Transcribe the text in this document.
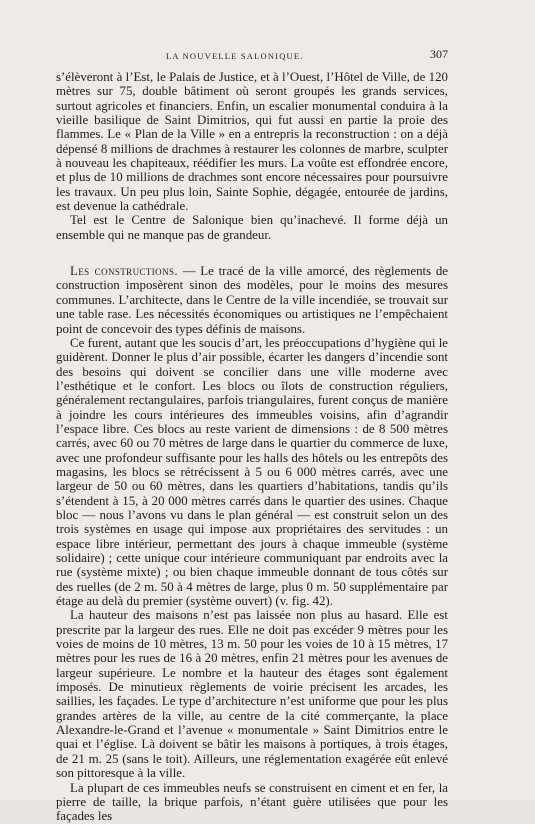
LA NOUVELLE SALONIQUE.	307

s’élèveront à l’Est, le Palais de Justice, et à l’Ouest, l’Hôtel de Ville, de 120 mètres sur 75, double bâtiment où seront groupés les grands services, surtout agricoles et financiers. Enfin, un escalier monumental conduira à la vieille basilique de Saint Dimitrios, qui fut aussi en partie la proie des flammes. Le « Plan de la Ville » en a entrepris la reconstruction : on a déjà dépensé 8 millions de drachmes à restaurer les colonnes de marbre, sculpter à nouveau les chapiteaux, réédifier les murs. La voûte est effondrée encore, et plus de 10 millions de drachmes sont encore nécessaires pour poursuivre les travaux. Un peu plus loin, Sainte Sophie, dégagée, entourée de jardins, est devenue la cathédrale.

Tel est le Centre de Salonique bien qu’inachevé. Il forme déjà un ensemble qui ne manque pas de grandeur.

Les constructions. — Le tracé de la ville amorcé, des règlements de construction imposèrent sinon des modèles, pour le moins des mesures communes. L’architecte, dans le Centre de la ville incendiée, se trouvait sur une table rase. Les nécessités économiques ou artistiques ne l’empêchaient point de concevoir des types définis de maisons.

Ce furent, autant que les soucis d’art, les préoccupations d’hygiène qui le guidèrent. Donner le plus d’air possible, écarter les dangers d’incendie sont des besoins qui doivent se concilier dans une ville moderne avec l’esthétique et le confort. Les blocs ou îlots de construction réguliers, généralement rectangulaires, parfois triangulaires, furent conçus de manière à joindre les cours intérieures des immeubles voisins, afin d’agrandir l’espace libre. Ces blocs au reste varient de dimensions : de 8 500 mètres carrés, avec 60 ou 70 mètres de large dans le quartier du commerce de luxe, avec une profondeur suffisante pour les halls des hôtels ou les entrepôts des magasins, les blocs se rétrécissent à 5 ou 6 000 mètres carrés, avec une largeur de 50 ou 60 mètres, dans les quartiers d’habitations, tandis qu’ils s’étendent à 15, à 20 000 mètres carrés dans le quartier des usines. Chaque bloc — nous l’avons vu dans le plan général — est construit selon un des trois systèmes en usage qui impose aux propriétaires des servitudes : un espace libre intérieur, permettant des jours à chaque immeuble (système solidaire) ; cette unique cour intérieure communiquant par endroits avec la rue (système mixte) ; ou bien chaque immeuble donnant de tous côtés sur des ruelles (de 2 m. 50 à 4 mètres de large, plus 0 m. 50 supplémentaire par étage au delà du premier (système ouvert) (v. fig. 42).

La hauteur des maisons n’est pas laissée non plus au hasard. Elle est prescrite par la largeur des rues. Elle ne doit pas excéder 9 mètres pour les voies de moins de 10 mètres, 13 m. 50 pour les voies de 10 à 15 mètres, 17 mètres pour les rues de 16 à 20 mètres, enfin 21 mètres pour les avenues de largeur supérieure. Le nombre et la hauteur des étages sont également imposés. De minutieux règlements de voirie précisent les arcades, les saillies, les façades. Le type d’architecture n’est uniforme que pour les plus grandes artères de la ville, au centre de la cité commerçante, la place Alexandre-le-Grand et l’avenue « monumentale » Saint Dimitrios entre le quai et l’église. Là doivent se bâtir les maisons à portiques, à trois étages, de 21 m. 25 (sans le toit). Ailleurs, une réglementation exagérée eût enlevé son pittoresque à la ville.

La plupart de ces immeubles neufs se construisent en ciment et en fer, la pierre de taille, la brique parfois, n’étant guère utilisées que pour les façades les
